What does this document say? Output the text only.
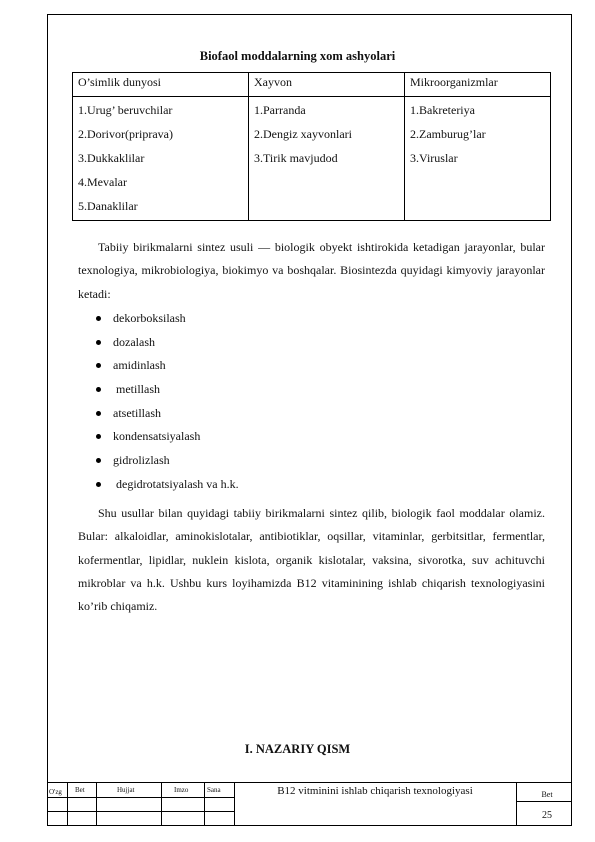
Biofaol moddalarning xom ashyolari
O’simlik dunyosi	Xayvon	Mikroorganizmlar

1.Urug’ beruvchilar
2.Dorivor(priprava)
3.Dukkaklilar
4.Mevalar
5.Danaklilar	1.Parranda
2.Dengiz xayvonlari
3.Tirik mavjudod	1.Bakreteriya
2.Zamburug’lar
3.Viruslar

Tabiiy birikmalarni sintez usuli — biologik obyekt ishtirokida ketadigan jarayonlar, bular texnologiya, mikrobiologiya, biokimyo va boshqalar. Biosintezda quyidagi kimyoviy jarayonlar ketadi:

dekorboksilash
dozalash
amidinlash
metillash
atsetillash
kondensatsiyalash
gidrolizlash
degidrotatsiyalash va h.k.

Shu usullar bilan quyidagi tabiiy birikmalarni sintez qilib, biologik faol moddalar olamiz. Bular: alkaloidlar, aminokislotalar, antibiotiklar, oqsillar, vitaminlar, gerbitsitlar, fermentlar, kofermentlar, lipidlar, nuklein kislota, organik kislotalar, vaksina, sivorotka, suv achituvchi mikroblar va h.k. Ushbu kurs loyihamizda B12 vitaminining ishlab chiqarish texnologiyasini ko’rib chiqamiz.

I. NAZARIY QISM
O'zg Bet	Hujjat	Imzo	Sana	B12 vitminini ishlab chiqarish texnologiyasi	Bet
25
